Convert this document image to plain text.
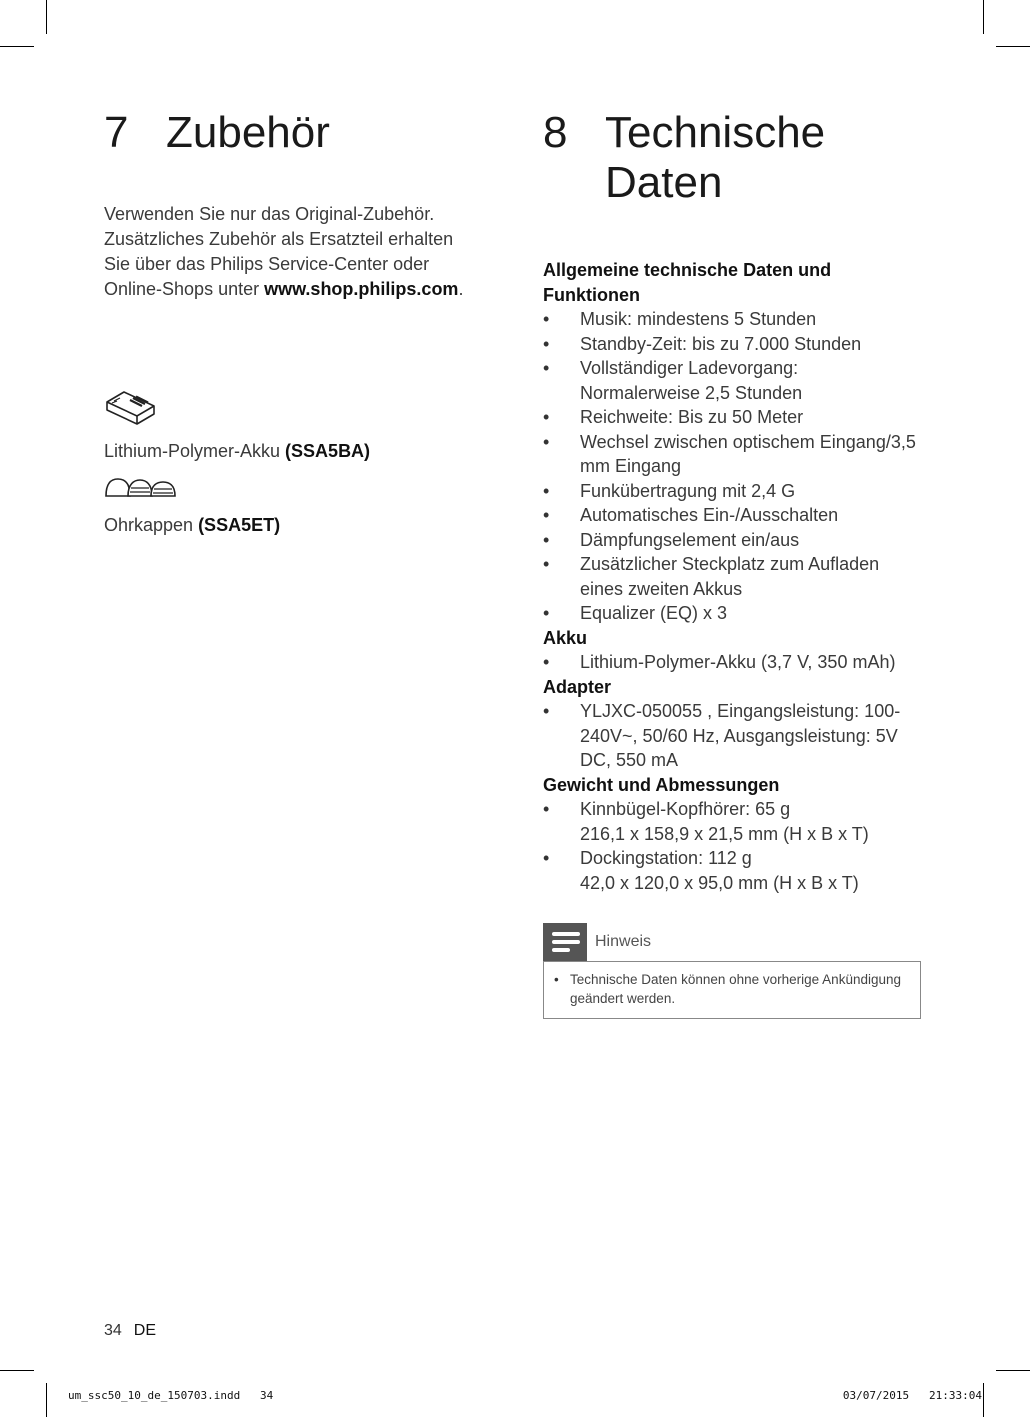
7 Zubehör

Verwenden Sie nur das Original-Zubehör. Zusätzliches Zubehör als Ersatzteil erhalten Sie über das Philips Service-Center oder Online-Shops unter www.shop.philips.com.

Lithium-Polymer-Akku (SSA5BA)

Ohrkappen (SSA5ET)

8 Technische
Daten
Allgemeine technische Daten und Funktionen
• Musik: mindestens 5 Stunden
• Standby-Zeit: bis zu 7.000 Stunden
• Vollständiger Ladevorgang: Normalerweise 2,5 Stunden
• Reichweite: Bis zu 50 Meter
• Wechsel zwischen optischem Eingang/3,5 mm Eingang
• Funkübertragung mit 2,4 G
• Automatisches Ein-/Ausschalten
• Dämpfungselement ein/aus
• Zusätzlicher Steckplatz zum Aufladen eines zweiten Akkus
• Equalizer (EQ) x 3
Akku
• Lithium-Polymer-Akku (3,7 V, 350 mAh)
Adapter
• YLJXC-050055 , Eingangsleistung: 100-240V~, 50/60 Hz, Ausgangsleistung: 5V DC, 550 mA
Gewicht und Abmessungen
• Kinnbügel-Kopfhörer: 65 g
216,1 x 158,9 x 21,5 mm (H x B x T)
• Dockingstation: 112 g
42,0 x 120,0 x 95,0 mm (H x B x T)
Hinweis
• Technische Daten können ohne vorherige Ankündigung geändert werden.
34 DE
um_ssc50_10_de_150703.indd   34	03/07/2015   21:33:04
